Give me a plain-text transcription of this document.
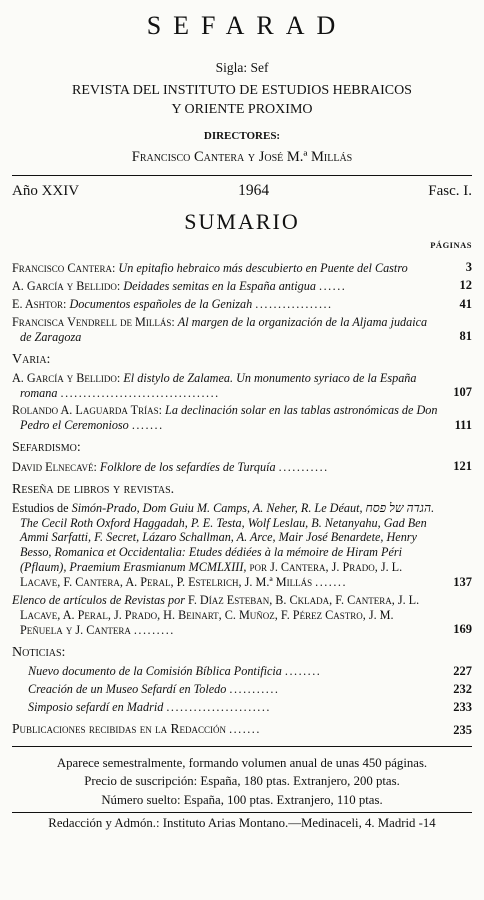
SEFARAD
Sigla: Sef
REVISTA DEL INSTITUTO DE ESTUDIOS HEBRAICOS
Y ORIENTE PROXIMO
DIRECTORES:
Francisco Cantera y José M.ª Millás
Año XXIV	1964	Fasc. I.
SUMARIO
PÁGINAS
Francisco Cantera: Un epitafio hebraico más descubierto en Puente del Castro	3
A. García y Bellido: Deidades semitas en la España antigua ......	12
E. Ashtor: Documentos españoles de la Genizah .................	41
Francisca Vendrell de Millás: Al margen de la organización de la Aljama judaica de Zaragoza	81
Varia:
A. García y Bellido: El distylo de Zalamea. Un monumento syriaco de la España romana ...................................	107
Rolando A. Laguarda Trías: La declinación solar en las tablas astronómicas de Don Pedro el Ceremonioso .......	111
Sefardismo:
David Elnecavé: Folklore de los sefardíes de Turquía ...........	121
Reseña de libros y revistas.
Estudios de Simón-Prado, Dom Guiu M. Camps, A. Neher, R. Le Déaut, הגדה של פסח. The Cecil Roth Oxford Haggadah, P. E. Testa, Wolf Leslau, B. Netanyahu, Gad Ben Ammi Sarfatti, F. Secret, Lázaro Schallman, A. Arce, Mair José Benardete, Henry Besso, Romanica et Occidentalia: Etudes dédiées à la mémoire de Hiram Péri (Pflaum), Praemium Erasmianum MCMLXIII, por J. Cantera, J. Prado, J. L. Lacave, F. Cantera, A. Peral, P. Estelrich, J. M.ª Millás .......	137
Elenco de artículos de Revistas por F. Díaz Esteban, B. Cklada, F. Cantera, J. L. Lacave, A. Peral, J. Prado, H. Beinart, C. Muñoz, F. Pérez Castro, J. M. Peñuela y J. Cantera .........	169
Noticias:
Nuevo documento de la Comisión Bíblica Pontificia ........	227
Creación de un Museo Sefardí en Toledo ...........	232
Simposio sefardí en Madrid .......................	233
Publicaciones recibidas en la Redacción .......	235
Aparece semestralmente, formando volumen anual de unas 450 páginas.
Precio de suscripción: España, 180 ptas. Extranjero, 200 ptas.
Número suelto: España, 100 ptas. Extranjero, 110 ptas.
Redacción y Admón.: Instituto Arias Montano.—Medinaceli, 4. Madrid -14
